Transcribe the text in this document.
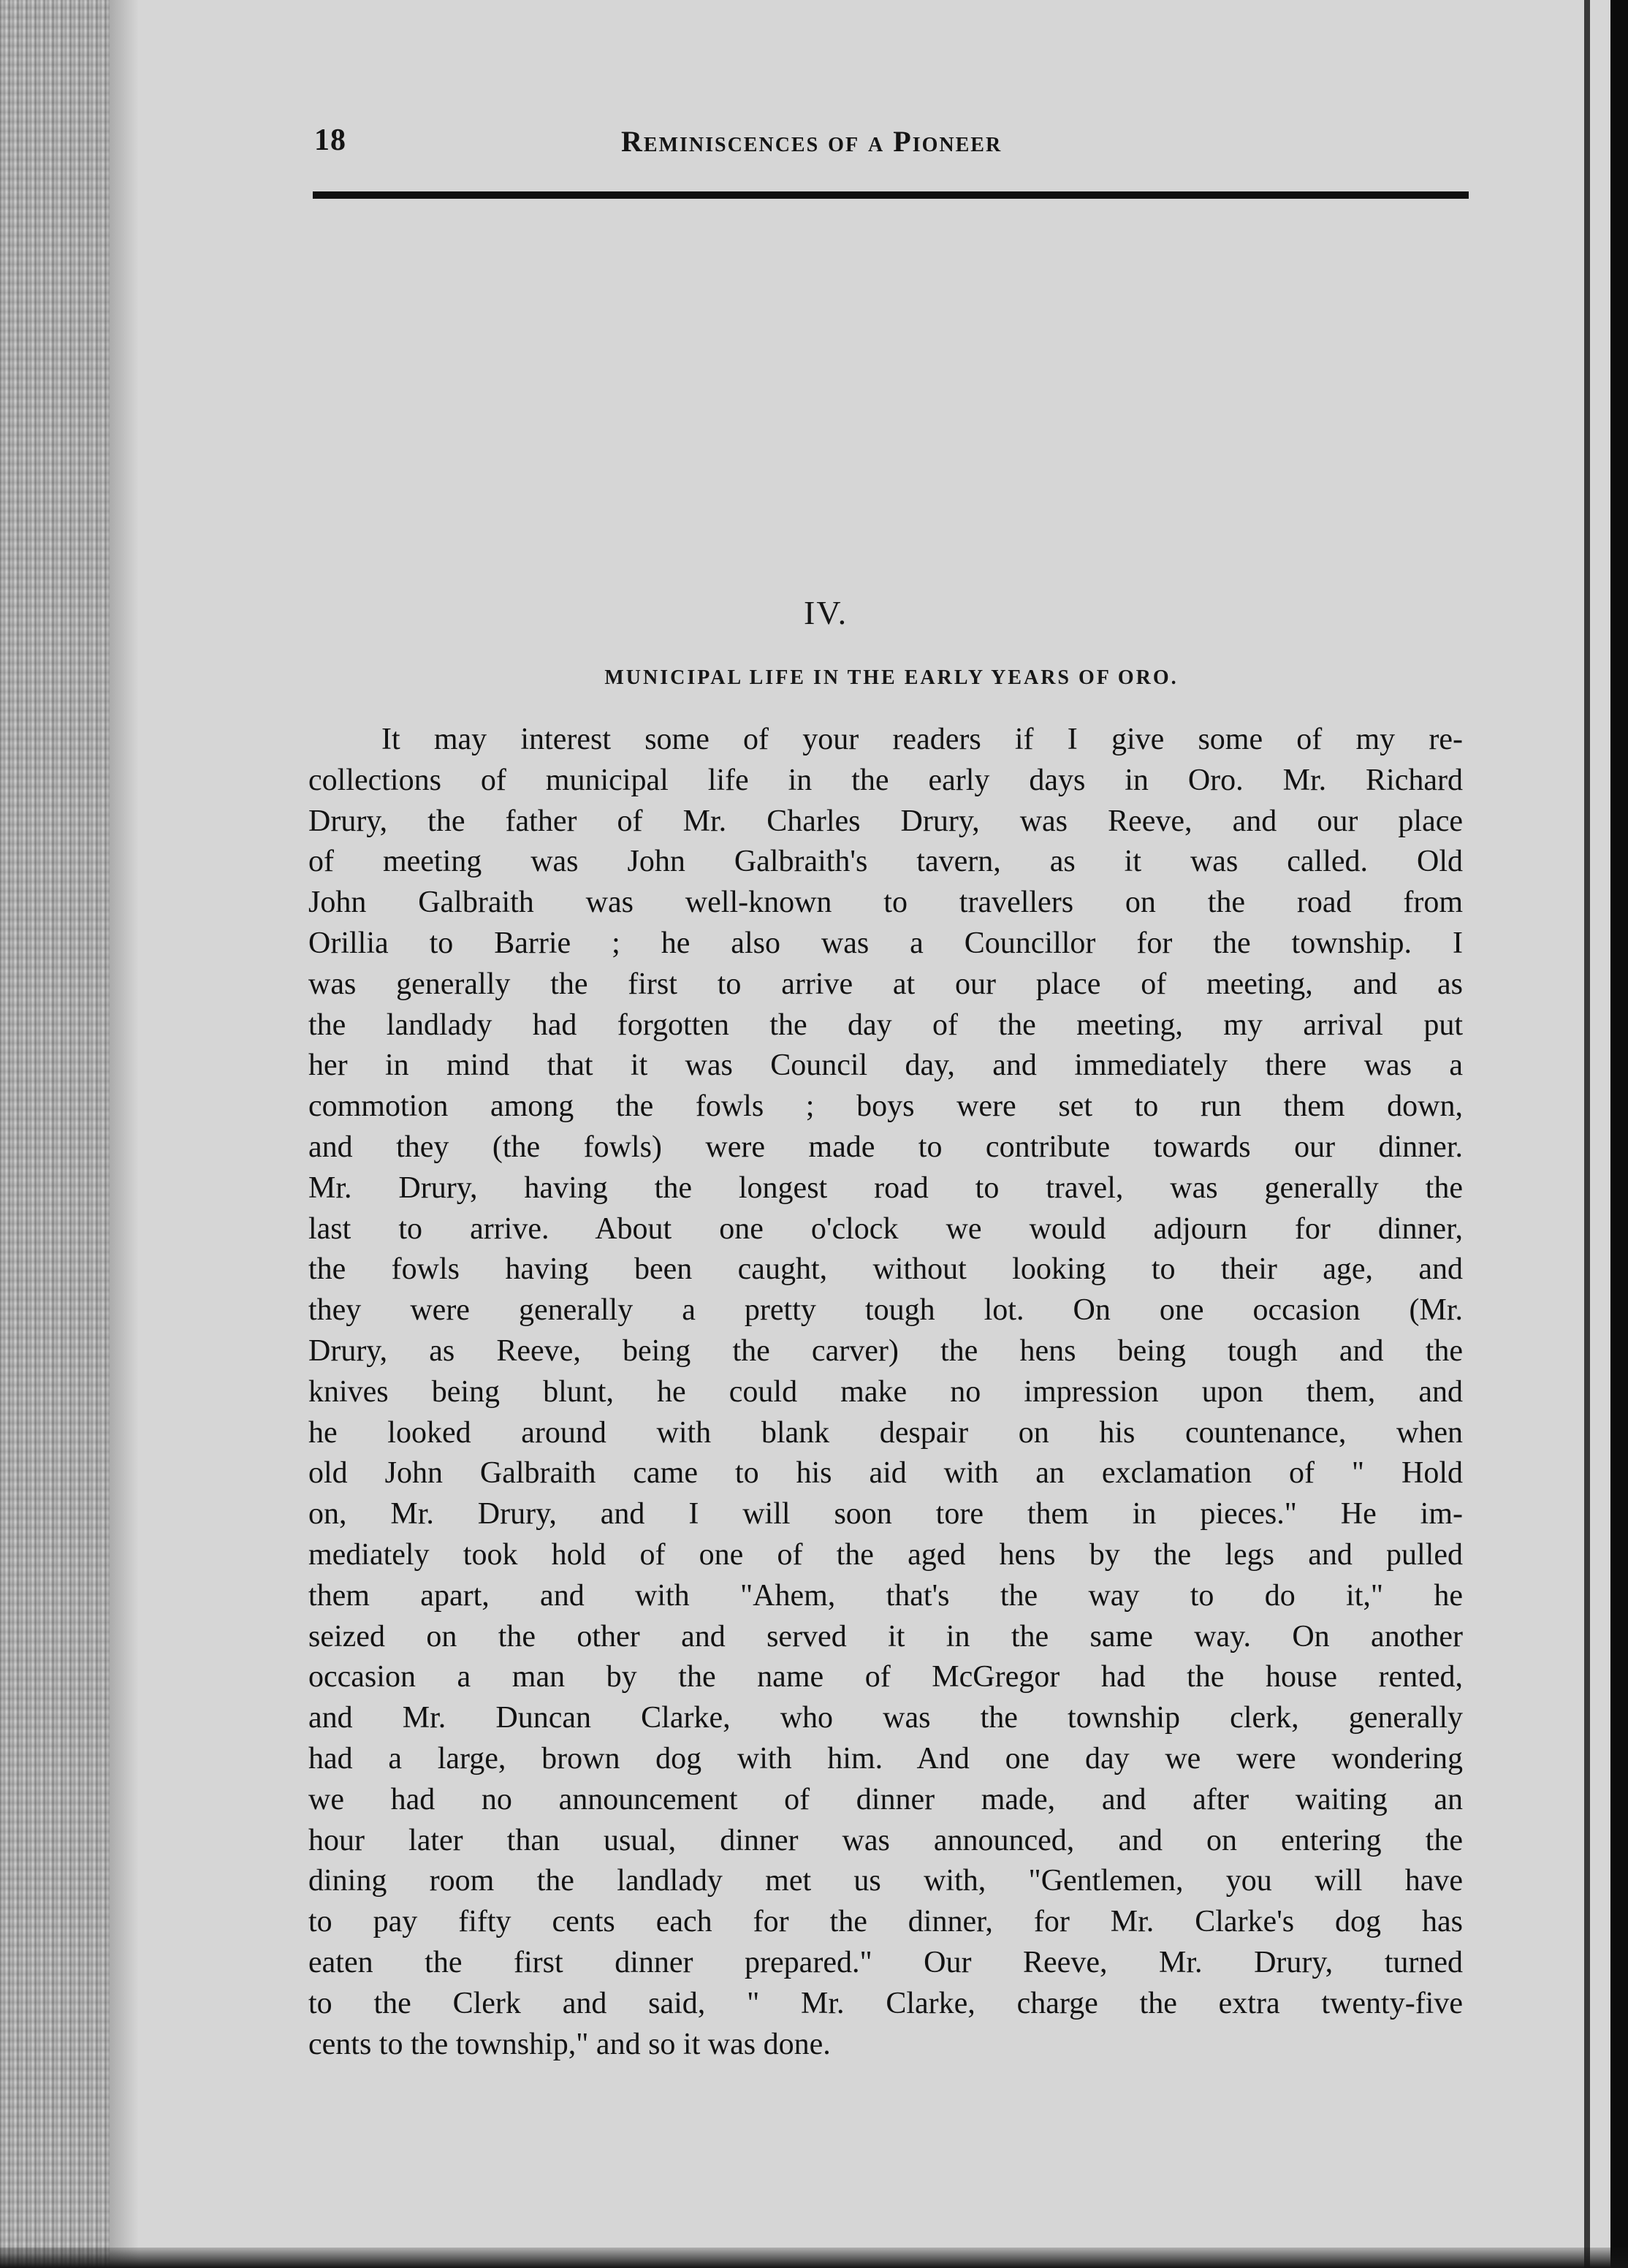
18	Reminiscences of a Pioneer
IV.
MUNICIPAL LIFE IN THE EARLY YEARS OF ORO.
It may interest some of your readers if I give some of my re-
collections of municipal life in the early days in Oro. Mr. Richard
Drury, the father of Mr. Charles Drury, was Reeve, and our place
of meeting was John Galbraith's tavern, as it was called. Old
John Galbraith was well-known to travellers on the road from
Orillia to Barrie ; he also was a Councillor for the township. I
was generally the first to arrive at our place of meeting, and as
the landlady had forgotten the day of the meeting, my arrival put
her in mind that it was Council day, and immediately there was a
commotion among the fowls ; boys were set to run them down,
and they (the fowls) were made to contribute towards our dinner.
Mr. Drury, having the longest road to travel, was generally the
last to arrive. About one o'clock we would adjourn for dinner,
the fowls having been caught, without looking to their age, and
they were generally a pretty tough lot. On one occasion (Mr.
Drury, as Reeve, being the carver) the hens being tough and the
knives being blunt, he could make no impression upon them, and
he looked around with blank despair on his countenance, when
old John Galbraith came to his aid with an exclamation of " Hold
on, Mr. Drury, and I will soon tore them in pieces." He im-
mediately took hold of one of the aged hens by the legs and pulled
them apart, and with "Ahem, that's the way to do it," he
seized on the other and served it in the same way. On another
occasion a man by the name of McGregor had the house rented,
and Mr. Duncan Clarke, who was the township clerk, generally
had a large, brown dog with him. And one day we were wondering
we had no announcement of dinner made, and after waiting an
hour later than usual, dinner was announced, and on entering the
dining room the landlady met us with, "Gentlemen, you will have
to pay fifty cents each for the dinner, for Mr. Clarke's dog has
eaten the first dinner prepared." Our Reeve, Mr. Drury, turned
to the Clerk and said, " Mr. Clarke, charge the extra twenty-five
cents to the township," and so it was done.
